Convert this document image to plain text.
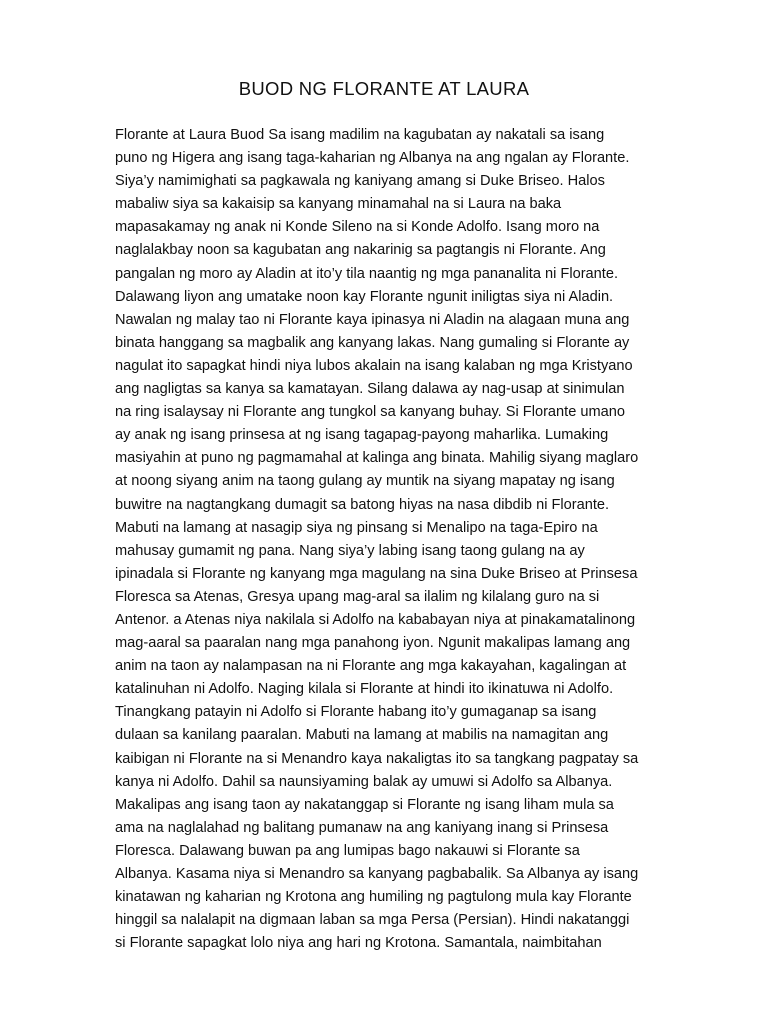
BUOD NG FLORANTE AT LAURA
Florante at Laura Buod Sa isang madilim na kagubatan ay nakatali sa isang
puno ng Higera ang isang taga-kaharian ng Albanya na ang ngalan ay Florante.
Siya’y namimighati sa pagkawala ng kaniyang amang si Duke Briseo. Halos
mabaliw siya sa kakaisip sa kanyang minamahal na si Laura na baka
mapasakamay ng anak ni Konde Sileno na si Konde Adolfo. Isang moro na
naglalakbay noon sa kagubatan ang nakarinig sa pagtangis ni Florante. Ang
pangalan ng moro ay Aladin at ito’y tila naantig ng mga pananalita ni Florante.
Dalawang liyon ang umatake noon kay Florante ngunit iniligtas siya ni Aladin.
Nawalan ng malay tao ni Florante kaya ipinasya ni Aladin na alagaan muna ang
binata hanggang sa magbalik ang kanyang lakas. Nang gumaling si Florante ay
nagulat ito sapagkat hindi niya lubos akalain na isang kalaban ng mga Kristyano
ang nagligtas sa kanya sa kamatayan. Silang dalawa ay nag-usap at sinimulan
na ring isalaysay ni Florante ang tungkol sa kanyang buhay. Si Florante umano
ay anak ng isang prinsesa at ng isang tagapag-payong maharlika. Lumaking
masiyahin at puno ng pagmamahal at kalinga ang binata. Mahilig siyang maglaro
at noong siyang anim na taong gulang ay muntik na siyang mapatay ng isang
buwitre na nagtangkang dumagit sa batong hiyas na nasa dibdib ni Florante.
Mabuti na lamang at nasagip siya ng pinsang si Menalipo na taga-Epiro na
mahusay gumamit ng pana. Nang siya’y labing isang taong gulang na ay
ipinadala si Florante ng kanyang mga magulang na sina Duke Briseo at Prinsesa
Floresca sa Atenas, Gresya upang mag-aral sa ilalim ng kilalang guro na si
Antenor. a Atenas niya nakilala si Adolfo na kababayan niya at pinakamatalinong
mag-aaral sa paaralan nang mga panahong iyon. Ngunit makalipas lamang ang
anim na taon ay nalampasan na ni Florante ang mga kakayahan, kagalingan at
katalinuhan ni Adolfo. Naging kilala si Florante at hindi ito ikinatuwa ni Adolfo.
Tinangkang patayin ni Adolfo si Florante habang ito’y gumaganap sa isang
dulaan sa kanilang paaralan. Mabuti na lamang at mabilis na namagitan ang
kaibigan ni Florante na si Menandro kaya nakaligtas ito sa tangkang pagpatay sa
kanya ni Adolfo. Dahil sa naunsiyaming balak ay umuwi si Adolfo sa Albanya.
Makalipas ang isang taon ay nakatanggap si Florante ng isang liham mula sa
ama na naglalahad ng balitang pumanaw na ang kaniyang inang si Prinsesa
Floresca. Dalawang buwan pa ang lumipas bago nakauwi si Florante sa
Albanya. Kasama niya si Menandro sa kanyang pagbabalik. Sa Albanya ay isang
kinatawan ng kaharian ng Krotona ang humiling ng pagtulong mula kay Florante
hinggil sa nalalapit na digmaan laban sa mga Persa (Persian). Hindi nakatanggi
si Florante sapagkat lolo niya ang hari ng Krotona. Samantala, naimbitahan
